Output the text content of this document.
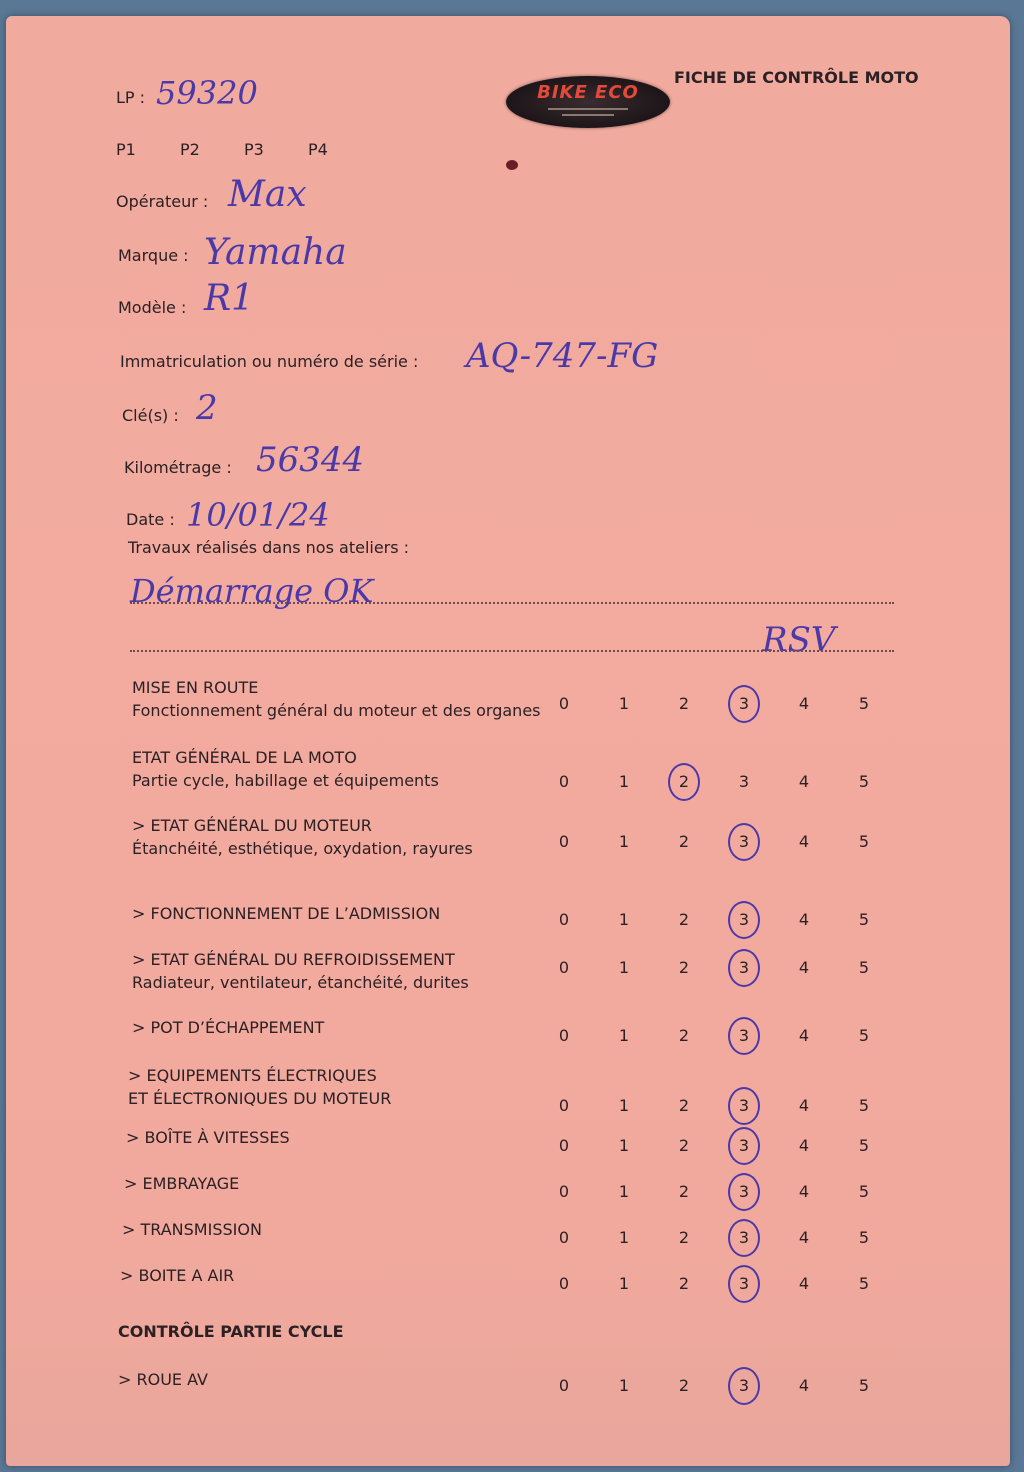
BIKE ECO
FICHE DE CONTRÔLE MOTO
LP : 59320
P1	P2	P3	P4
Opérateur : Max
Marque : Yamaha
Modèle : R1
Immatriculation ou numéro de série : AQ-747-FG
Clé(s) : 2
Kilométrage : 56344
Date : 10/01/24
Travaux réalisés dans nos ateliers :
Démarrage OK
RSV
MISE EN ROUTE
Fonctionnement général du moteur et des organes	0	1	2	3	4	5
ETAT GÉNÉRAL DE LA MOTO
Partie cycle, habillage et équipements	0	1	2	3	4	5
> ETAT GÉNÉRAL DU MOTEUR
Étanchéité, esthétique, oxydation, rayures	0	1	2	3	4	5
> FONCTIONNEMENT DE L’ADMISSION	0	1	2	3	4	5
> ETAT GÉNÉRAL DU REFROIDISSEMENT
Radiateur, ventilateur, étanchéité, durites
0	1	2	3	4	5
> POT D’ÉCHAPPEMENT	0	1	2	3	4	5
> EQUIPEMENTS ÉLECTRIQUES
ET ÉLECTRONIQUES DU MOTEUR	0	1	2	3	4	5
> BOÎTE À VITESSES	0	1	2	3	4	5
> EMBRAYAGE	0	1	2	3	4	5
> TRANSMISSION	0	1	2	3	4	5
> BOITE A AIR	0	1	2	3	4	5
CONTRÔLE PARTIE CYCLE
> ROUE AV	0	1	2	3	4	5
